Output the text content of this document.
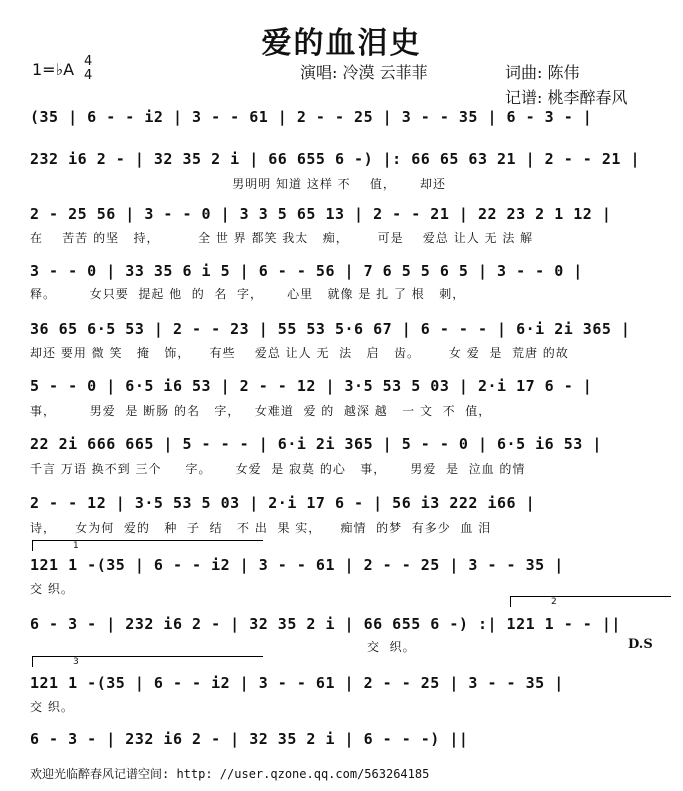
爱的血泪史
1=♭A 4
4	演唱: 冷漠 云菲菲	词曲: 陈伟
记谱: 桃李醉春风
(35 | 6 - - i2 | 3 - - 61 | 2 - - 25 | 3 - - 35 | 6 - 3 - |
232 i6 2 - | 32 35 2 i | 66 655 6 -) |: 66 65 63 21 | 2 - - 21 |
男明明 知道 这样 不    值，     却还
2 - 25 56 | 3 - - 0 | 3 3 5 65 13 | 2 - - 21 | 22 23 2 1 12 |
在    苦苦 的坚   持，        全 世 界 都笑 我太   痴，      可是    爱总 让人 无 法 解
3 - - 0 | 33 35 6 i 5 | 6 - - 56 | 7 6 5 5 6 5 | 3 - - 0 |
释。       女只要  提起 他  的  名  字，     心里   就像 是 扎 了 根   刺，
36 65 6·5 53 | 2 - - 23 | 55 53 5·6 67 | 6 - - - | 6·i 2i 365 |
却还 要用 微 笑   掩   饰，    有些    爱总 让人 无  法   启   齿。      女 爱  是  荒唐 的故
5 - - 0 | 6·5 i6 53 | 2 - - 12 | 3·5 53 5 03 | 2·i 17 6 - |
事，       男爱  是 断肠 的名   字，   女难道  爱 的  越深 越   一 文  不  值，
22 2i 666 665 | 5 - - - | 6·i 2i 365 | 5 - - 0 | 6·5 i6 53 |
千言 万语 换不到 三个     字。     女爱  是 寂莫 的心   事，     男爱  是  泣血 的情
2 - - 12 | 3·5 53 5 03 | 2·i 17 6 - | 56 i3 222 i66 |
诗，    女为何  爱的   种  子  结   不 出  果 实，    痴情  的梦  有多少  血 泪
1
121 1 -(35 | 6 - - i2 | 3 - - 61 | 2 - - 25 | 3 - - 35 |
交 织。
2
6 - 3 - | 232 i6 2 - | 32 35 2 i | 66 655 6 -) :| 121 1 - - ||
交  织。	D.S
3
121 1 -(35 | 6 - - i2 | 3 - - 61 | 2 - - 25 | 3 - - 35 |
交 织。
6 - 3 - | 232 i6 2 - | 32 35 2 i | 6 - - -) ||
欢迎光临醉春风记谱空间: http: //user.qzone.qq.com/563264185
